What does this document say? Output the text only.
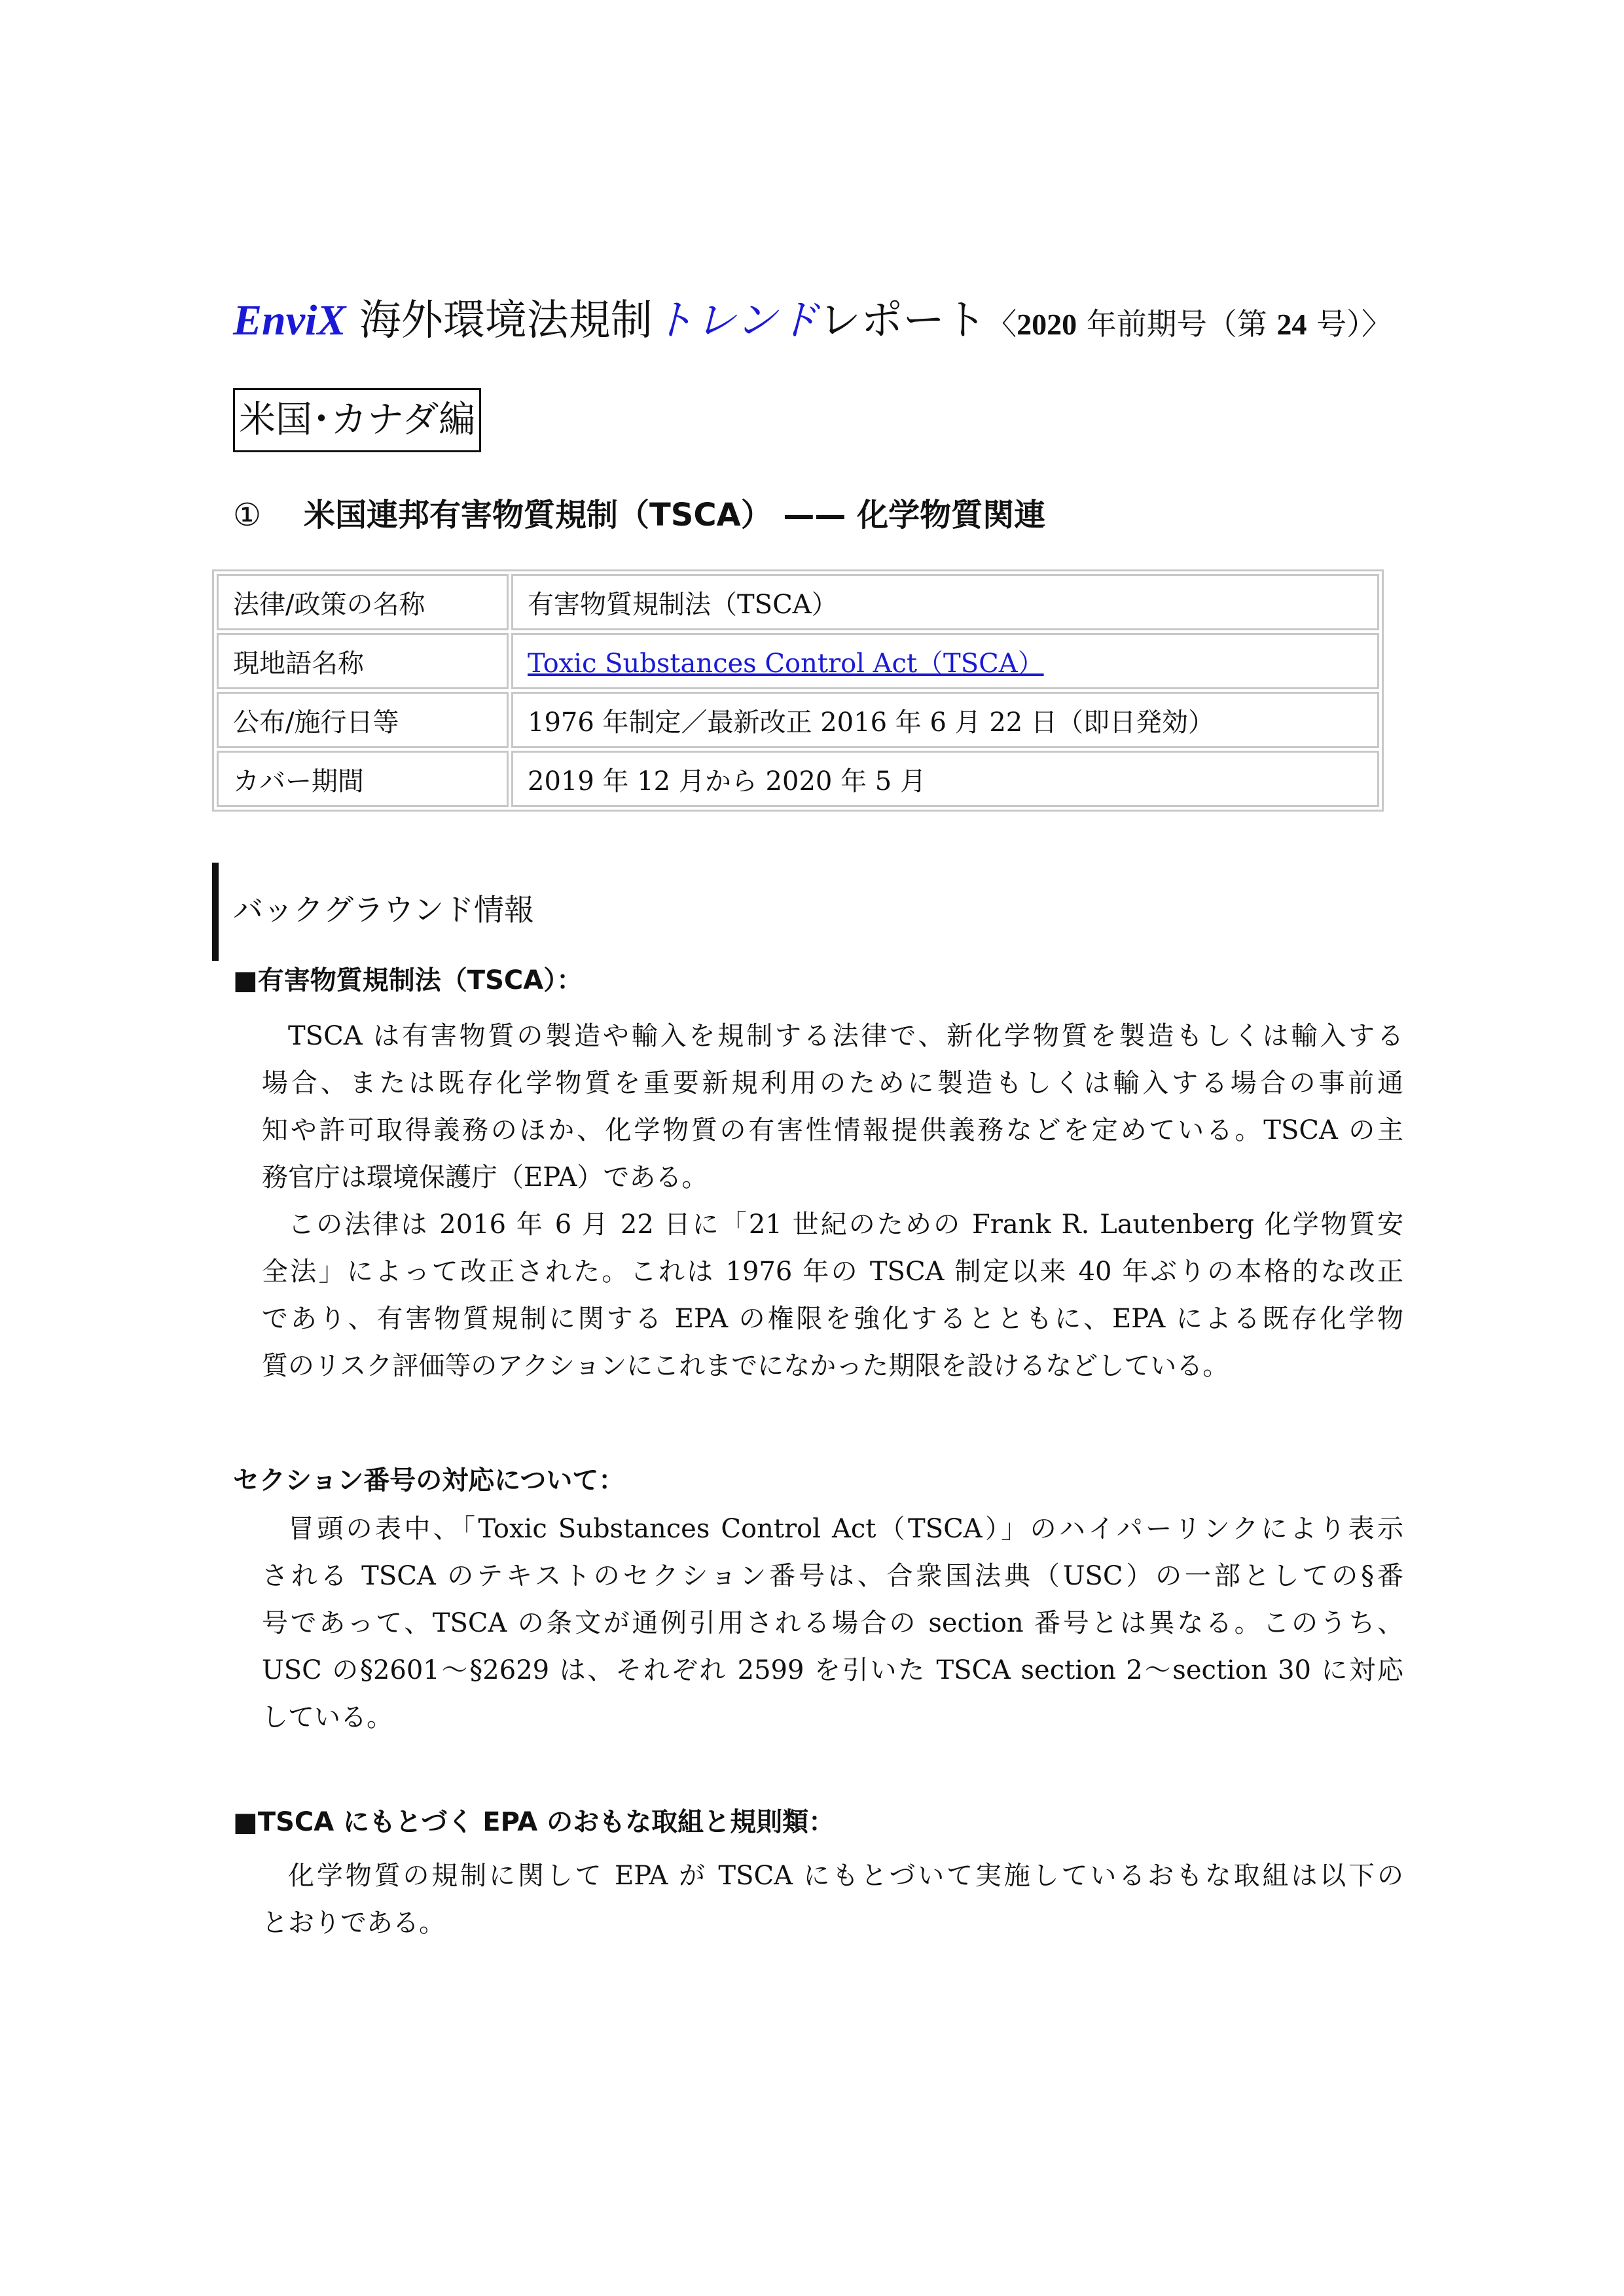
EnviX 海外環境法規制トレンドレポート〈2020 年前期号（第 24 号）〉
米国･カナダ編
① 米国連邦有害物質規制（TSCA） —— 化学物質関連
法律/政策の名称	有害物質規制法（TSCA）
現地語名称	Toxic Substances Control Act（TSCA）
公布/施行日等	1976 年制定／最新改正 2016 年 6 月 22 日（即日発効）
カバー期間	2019 年 12 月から 2020 年 5 月
バックグラウンド情報
■有害物質規制法（TSCA）：
TSCA は有害物質の製造や輸入を規制する法律で、新化学物質を製造もしくは輸入する
場合、または既存化学物質を重要新規利用のために製造もしくは輸入する場合の事前通
知や許可取得義務のほか、化学物質の有害性情報提供義務などを定めている。TSCA の主
務官庁は環境保護庁（EPA）である。
この法律は 2016 年 6 月 22 日に「21 世紀のための Frank R. Lautenberg 化学物質安
全法」によって改正された。これは 1976 年の TSCA 制定以来 40 年ぶりの本格的な改正
であり、有害物質規制に関する EPA の権限を強化するとともに、EPA による既存化学物
質のリスク評価等のアクションにこれまでになかった期限を設けるなどしている。
セクション番号の対応について：
冒頭の表中、「Toxic Substances Control Act（TSCA）」のハイパーリンクにより表示
される TSCA のテキストのセクション番号は、合衆国法典（USC）の一部としての§番
号であって、TSCA の条文が通例引用される場合の section 番号とは異なる。このうち、
USC の§2601～§2629 は、それぞれ 2599 を引いた TSCA section 2～section 30 に対応
している。
■TSCA にもとづく EPA のおもな取組と規則類：
化学物質の規制に関して EPA が TSCA にもとづいて実施しているおもな取組は以下の
とおりである。
